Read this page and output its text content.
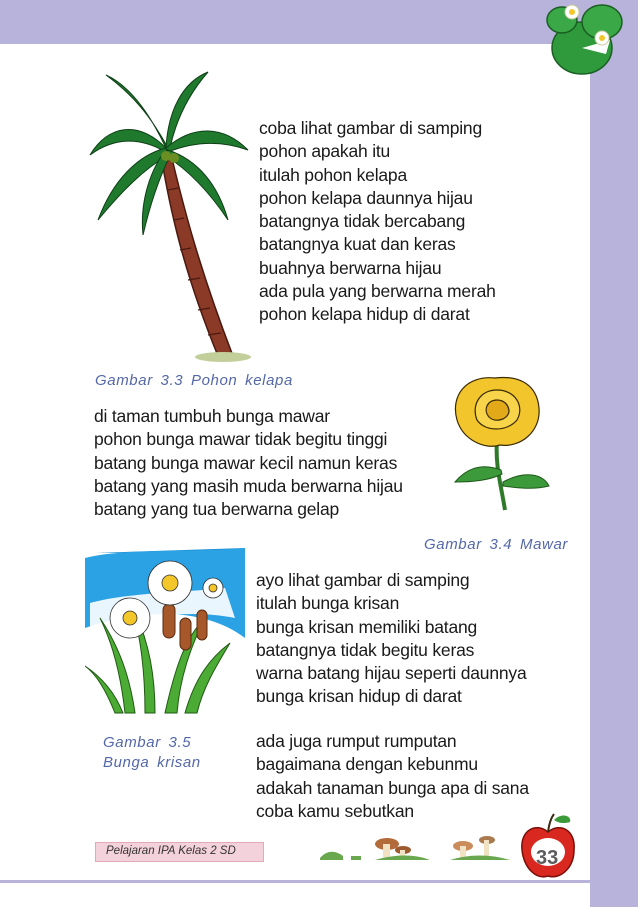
coba lihat gambar di samping
pohon apakah itu
itulah pohon kelapa
pohon kelapa daunnya hijau
batangnya tidak bercabang
batangnya kuat dan keras
buahnya berwarna hijau
ada pula yang berwarna merah
pohon kelapa hidup di darat
Gambar 3.3 Pohon kelapa
di taman tumbuh bunga mawar
pohon bunga mawar tidak begitu tinggi
batang bunga mawar kecil namun keras
batang yang masih muda berwarna hijau
batang yang tua berwarna gelap
Gambar 3.4 Mawar
ayo lihat gambar di samping
itulah bunga krisan
bunga krisan memiliki batang
batangnya tidak begitu keras
warna batang hijau seperti daunnya
bunga krisan hidup di darat
Gambar 3.5
Bunga krisan
ada juga rumput rumputan
bagaimana dengan kebunmu
adakah tanaman bunga apa di sana
coba kamu sebutkan
Pelajaran IPA Kelas 2 SD	33
